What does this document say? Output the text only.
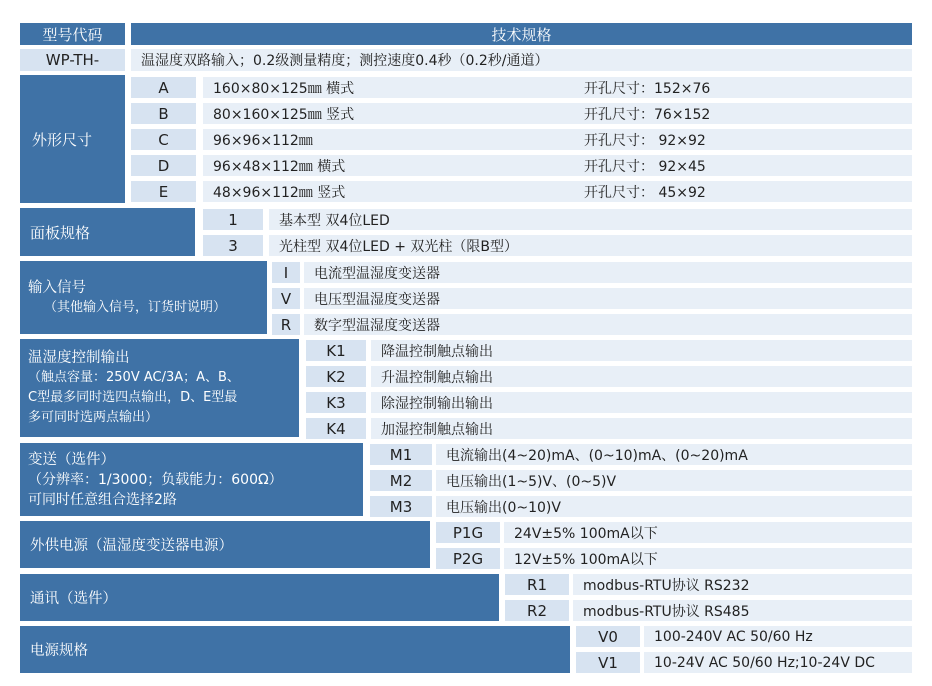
型号代码	技术规格
WP-TH-	温湿度双路输入；0.2级测量精度；测控速度0.4秒（0.2秒/通道）
外形尺寸
A	160×80×125㎜ 横式	开孔尺寸：152×76
B	80×160×125㎜ 竖式	开孔尺寸：76×152
C	96×96×112㎜	开孔尺寸： 92×92
D	96×48×112㎜ 横式	开孔尺寸： 92×45
E	48×96×112㎜ 竖式	开孔尺寸： 45×92
面板规格
1	基本型 双4位LED
3	光柱型 双4位LED + 双光柱（限B型）
输入信号
（其他输入信号，订货时说明）
I	电流型温湿度变送器
V	电压型温湿度变送器
R	数字型温湿度变送器
温湿度控制输出
（触点容量：250V AC/3A；A、B、
C型最多同时选四点输出，D、E型最
多可同时选两点输出）
K1	降温控制触点输出
K2	升温控制触点输出
K3	除湿控制输出输出
K4	加湿控制触点输出
变送（选件）
（分辨率：1/3000；负载能力：600Ω）
可同时任意组合选择2路
M1	电流输出(4~20)mA、(0~10)mA、(0~20)mA
M2	电压输出(1~5)V、(0~5)V
M3	电压输出(0~10)V
外供电源（温湿度变送器电源）
P1G	24V±5% 100mA以下
P2G	12V±5% 100mA以下
通讯（选件）
R1	modbus-RTU协议 RS232
R2	modbus-RTU协议 RS485
电源规格
V0	100-240V AC 50/60 Hz
V1	10-24V AC 50/60 Hz;10-24V DC
